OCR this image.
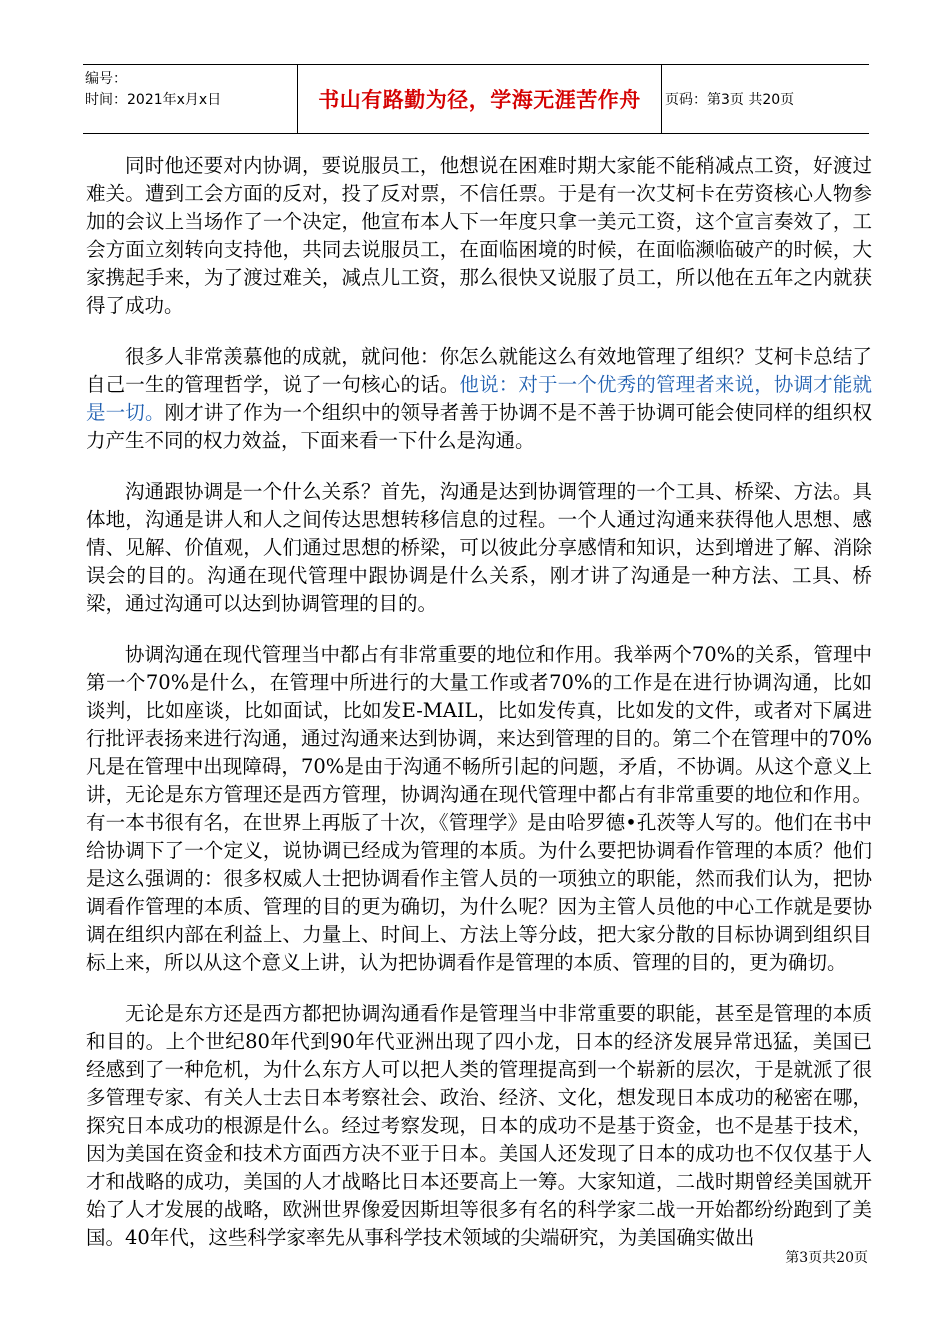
编号：
时间：2021年x月x日	书山有路勤为径，学海无涯苦作舟	页码：第3页 共20页

同时他还要对内协调，要说服员工，他想说在困难时期大家能不能稍减点工资，好渡过难关。遭到工会方面的反对，投了反对票，不信任票。于是有一次艾柯卡在劳资核心人物参加的会议上当场作了一个决定，他宣布本人下一年度只拿一美元工资，这个宣言奏效了，工会方面立刻转向支持他，共同去说服员工，在面临困境的时候，在面临濒临破产的时候，大家携起手来，为了渡过难关，减点儿工资，那么很快又说服了员工，所以他在五年之内就获得了成功。

很多人非常羡慕他的成就，就问他：你怎么就能这么有效地管理了组织？艾柯卡总结了自己一生的管理哲学，说了一句核心的话。他说：对于一个优秀的管理者来说，协调才能就是一切。刚才讲了作为一个组织中的领导者善于协调不是不善于协调可能会使同样的组织权力产生不同的权力效益，下面来看一下什么是沟通。

沟通跟协调是一个什么关系？首先，沟通是达到协调管理的一个工具、桥梁、方法。具体地，沟通是讲人和人之间传达思想转移信息的过程。一个人通过沟通来获得他人思想、感情、见解、价值观，人们通过思想的桥梁，可以彼此分享感情和知识，达到增进了解、消除误会的目的。沟通在现代管理中跟协调是什么关系，刚才讲了沟通是一种方法、工具、桥梁，通过沟通可以达到协调管理的目的。

协调沟通在现代管理当中都占有非常重要的地位和作用。我举两个70%的关系，管理中第一个70%是什么，在管理中所进行的大量工作或者70%的工作是在进行协调沟通，比如谈判，比如座谈，比如面试，比如发E-MAIL，比如发传真，比如发的文件，或者对下属进行批评表扬来进行沟通，通过沟通来达到协调，来达到管理的目的。第二个在管理中的70%凡是在管理中出现障碍，70%是由于沟通不畅所引起的问题，矛盾，不协调。从这个意义上讲，无论是东方管理还是西方管理，协调沟通在现代管理中都占有非常重要的地位和作用。有一本书很有名，在世界上再版了十次，《管理学》是由哈罗德•孔茨等人写的。他们在书中给协调下了一个定义，说协调已经成为管理的本质。为什么要把协调看作管理的本质？他们是这么强调的：很多权威人士把协调看作主管人员的一项独立的职能，然而我们认为，把协调看作管理的本质、管理的目的更为确切，为什么呢？因为主管人员他的中心工作就是要协调在组织内部在利益上、力量上、时间上、方法上等分歧，把大家分散的目标协调到组织目标上来，所以从这个意义上讲，认为把协调看作是管理的本质、管理的目的，更为确切。

无论是东方还是西方都把协调沟通看作是管理当中非常重要的职能，甚至是管理的本质和目的。上个世纪80年代到90年代亚洲出现了四小龙，日本的经济发展异常迅猛，美国已经感到了一种危机，为什么东方人可以把人类的管理提高到一个崭新的层次，于是就派了很多管理专家、有关人士去日本考察社会、政治、经济、文化，想发现日本成功的秘密在哪，探究日本成功的根源是什么。经过考察发现，日本的成功不是基于资金，也不是基于技术，因为美国在资金和技术方面西方决不亚于日本。美国人还发现了日本的成功也不仅仅基于人才和战略的成功，美国的人才战略比日本还要高上一筹。大家知道，二战时期曾经美国就开始了人才发展的战略，欧洲世界像爱因斯坦等很多有名的科学家二战一开始都纷纷跑到了美国。40年代，这些科学家率先从事科学技术领域的尖端研究，为美国确实做出

第3页共20页
